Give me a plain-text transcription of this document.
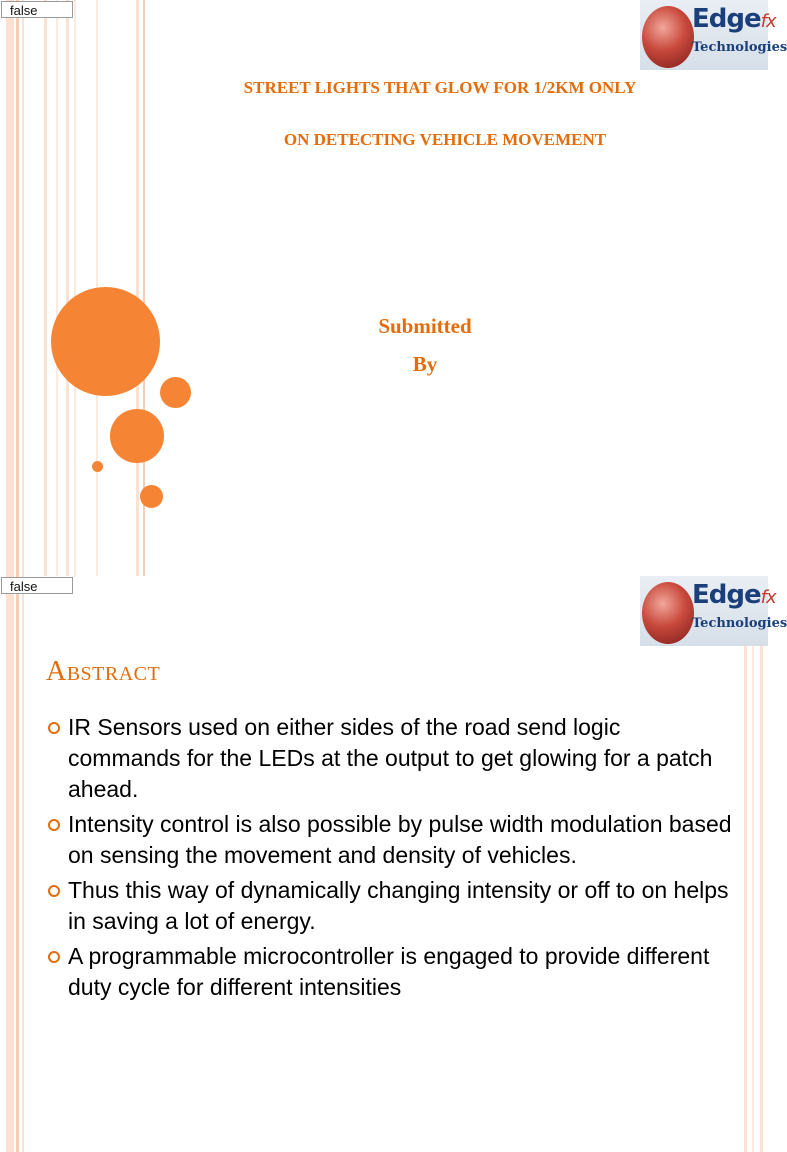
false	Edgefx
Technologies
STREET LIGHTS THAT GLOW FOR 1/2KM ONLY
ON DETECTING VEHICLE MOVEMENT
Submitted
By
false	Edgefx
Technologies
Abstract
IR Sensors used on either sides of the road send logic commands for the LEDs at the output to get glowing for a patch ahead.
Intensity control is also possible by pulse width modulation based on sensing the movement and density of vehicles.
Thus this way of dynamically changing intensity or off to on helps in saving a lot of energy.
A programmable microcontroller is engaged to provide different duty cycle for different intensities
